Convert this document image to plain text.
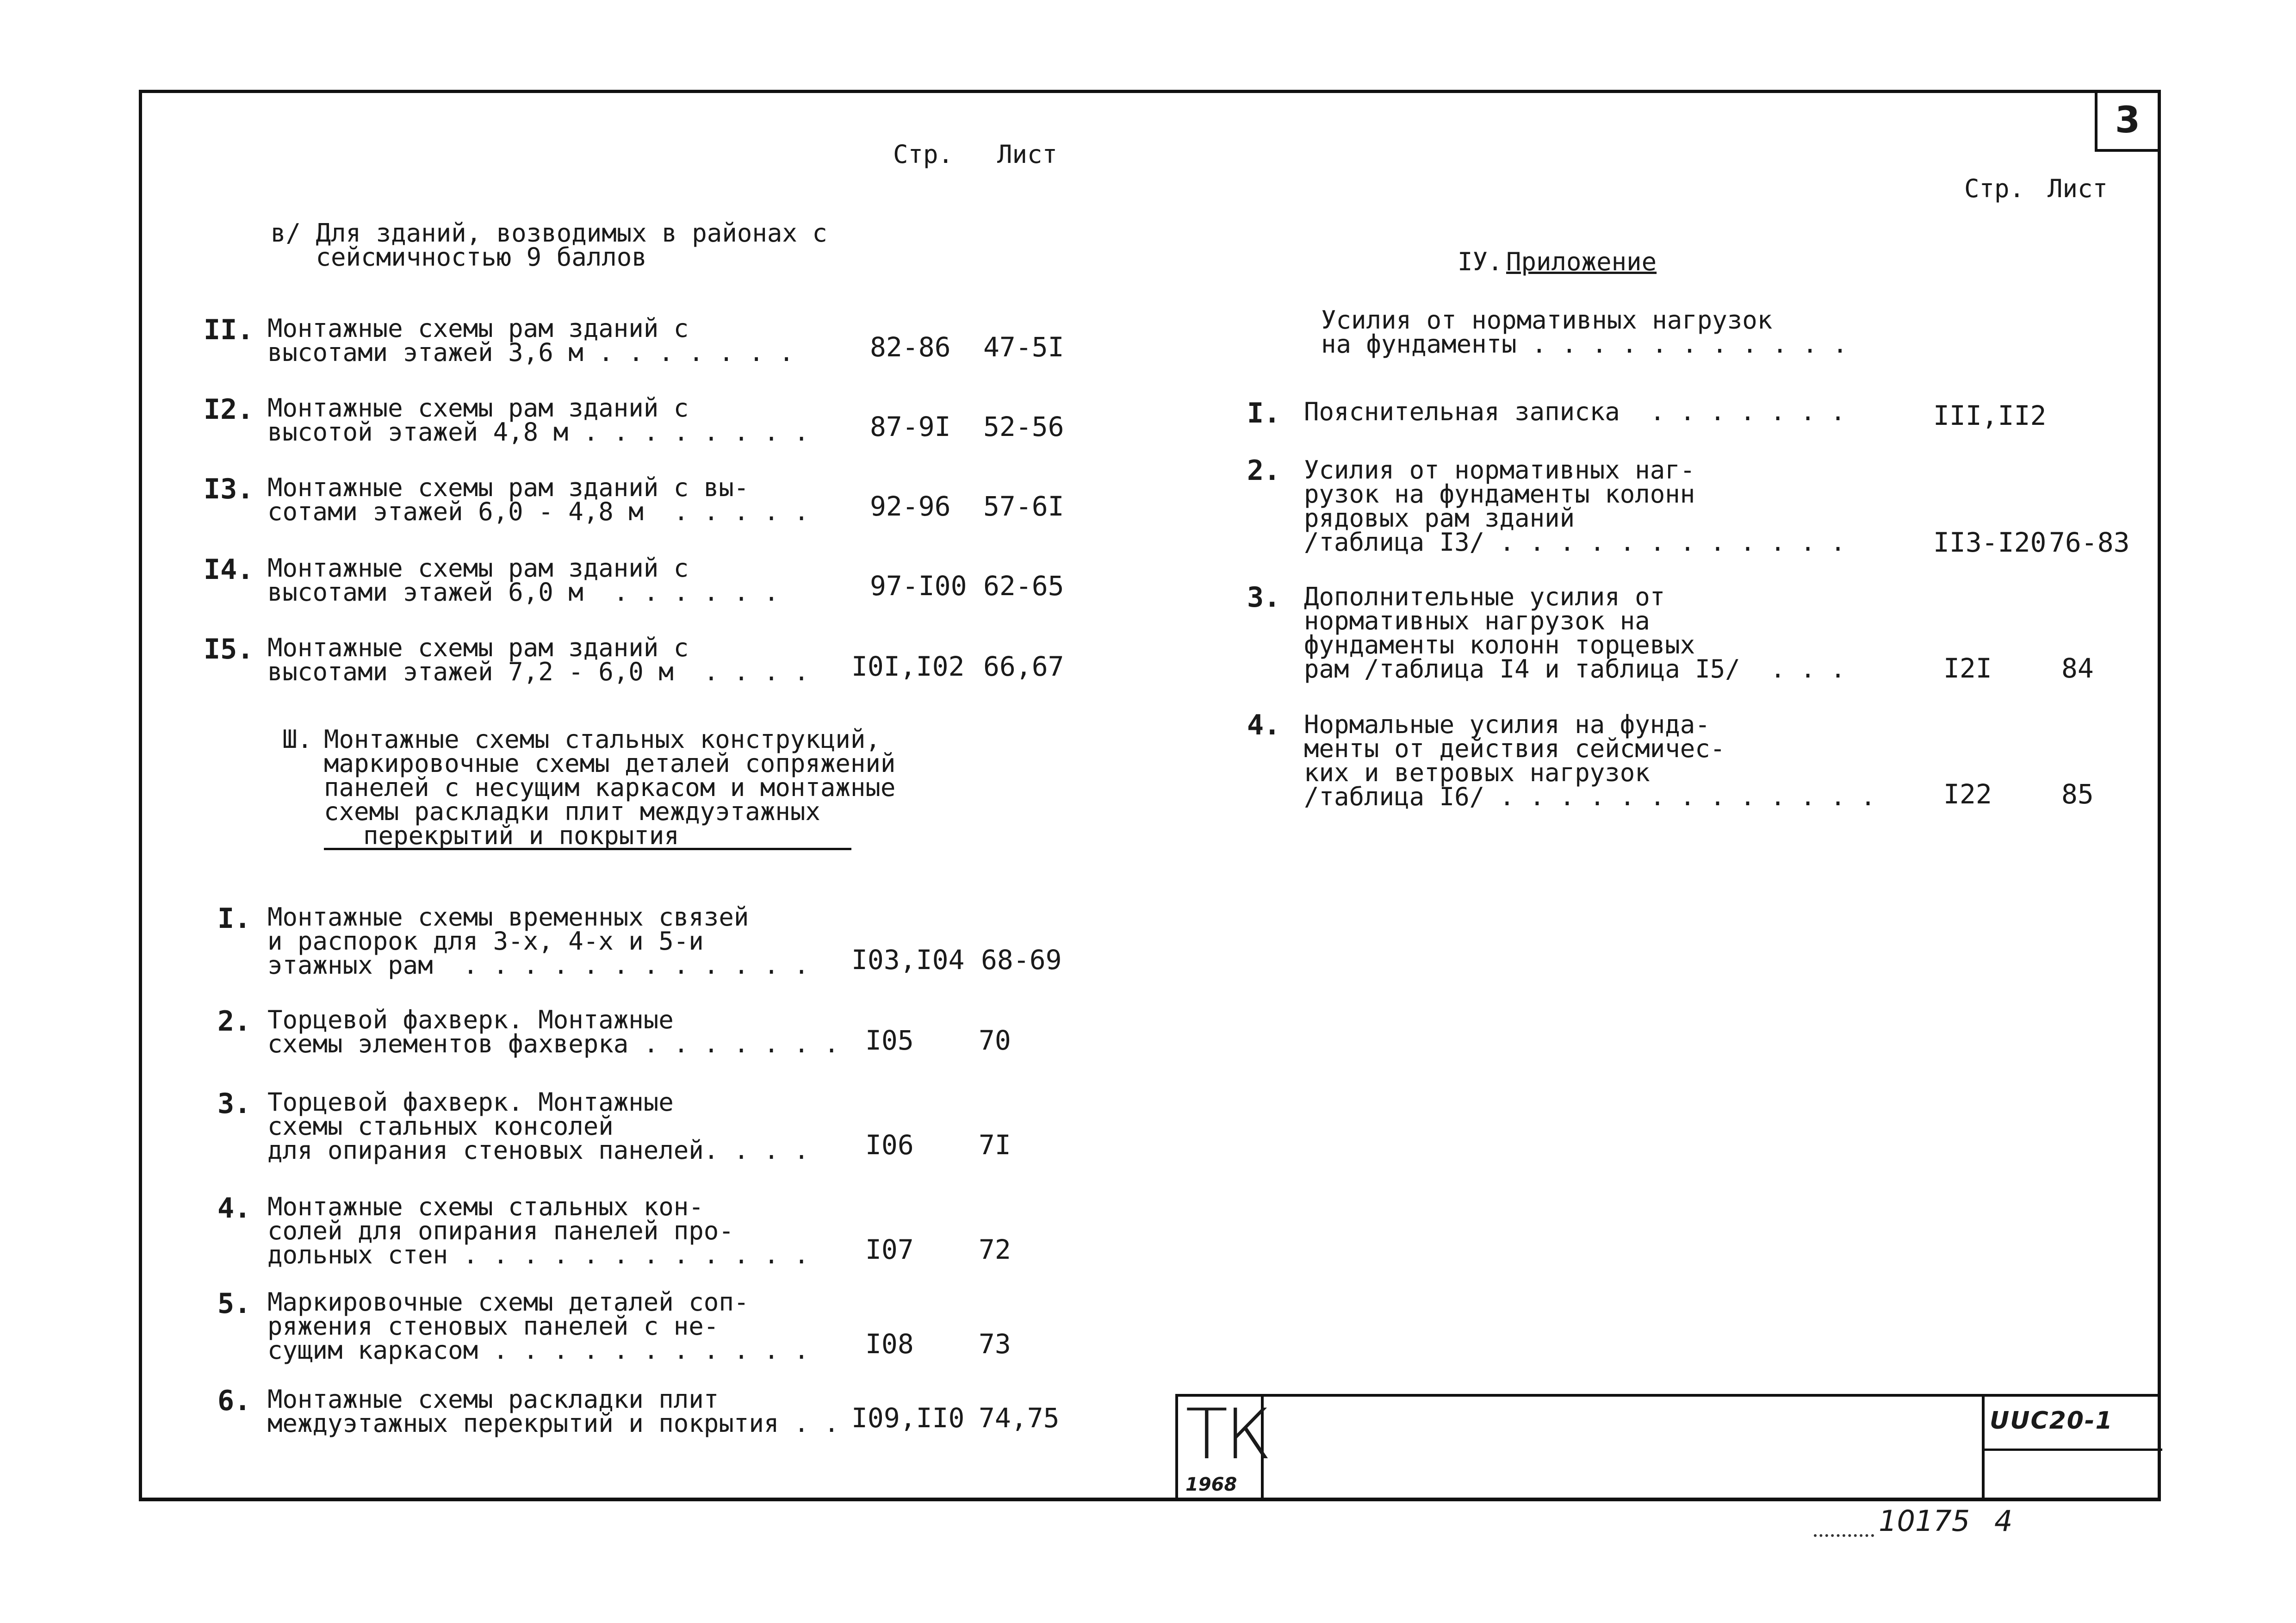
3
Стр. Лист
в/ Для зданий, возводимых в районах с
сейсмичностью 9 баллов
II. Монтажные схемы рам зданий с
высотами этажей 3,6 м . . . . . . .	82-86 47-5I
I2. Монтажные схемы рам зданий с
высотой этажей 4,8 м . . . . . . . . 87-9I 52-56
I3. Монтажные схемы рам зданий с вы-
сотами этажей 6,0 - 4,8 м  . . . . . 92-96 57-6I
I4. Монтажные схемы рам зданий с
высотами этажей 6,0 м  . . . . . .	97-I00 62-65
I5. Монтажные схемы рам зданий с
высотами этажей 7,2 - 6,0 м  . . . . I0I,I02 66,67
Ш. Монтажные схемы стальных конструкций,
маркировочные схемы деталей сопряжений
панелей с несущим каркасом и монтажные
схемы раскладки плит междуэтажных
перекрытий и покрытия
I. Монтажные схемы временных связей
и распорок для 3-х, 4-х и 5-и
этажных рам  . . . . . . . . . . . . I03,I04 68-69
2. Торцевой фахверк. Монтажные
схемы элементов фахверка . . . . . . . I05 70
3. Торцевой фахверк. Монтажные
схемы стальных консолей
для опирания стеновых панелей. . . . I06 7I
4. Монтажные схемы стальных кон-
солей для опирания панелей про-
дольных стен . . . . . . . . . . . . I07 72
5. Маркировочные схемы деталей соп-
ряжения стеновых панелей с не-
сущим каркасом . . . . . . . . . . . I08 73
6. Монтажные схемы раскладки плит
междуэтажных перекрытий и покрытия . . I09,II0 74,75
Стр. Лист
IУ. Приложение
Усилия от нормативных нагрузок
на фундаменты . . . . . . . . . . .
I. Пояснительная записка  . . . . . . .	III,II2
2. Усилия от нормативных наг-
рузок на фундаменты колонн
рядовых рам зданий
/таблица I3/ . . . . . . . . . . . .	II3-I20 76-83
3. Дополнительные усилия от
нормативных нагрузок на
фундаменты колонн торцевых
рам /таблица I4 и таблица I5/  . . .	I2I	84
4. Нормальные усилия на фунда-
менты от действия сейсмичес-
ких и ветровых нагрузок
/таблица I6/ . . . . . . . . . . . . .	I22	85
ТК
1968
UUC20-1
10175 4
